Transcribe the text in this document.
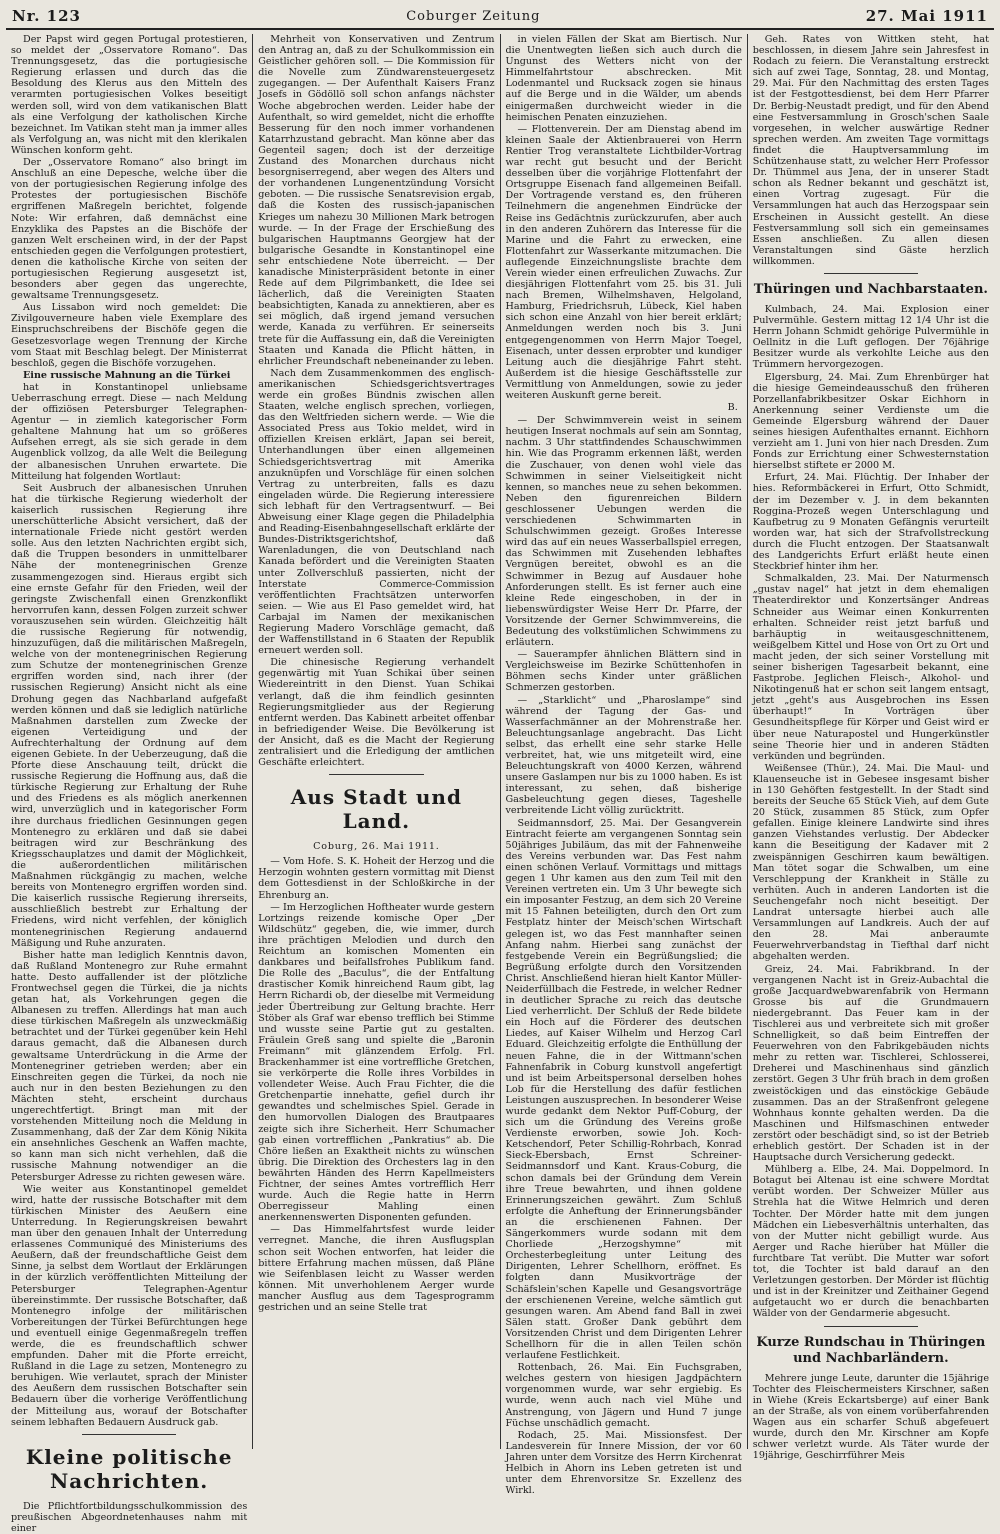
Nr. 123	Coburger Zeitung	27. Mai 1911

Der Papst wird gegen Portugal protestieren, so meldet der „Osservatore Romano“. Das Trennungsgesetz, das die portugiesische Regierung erlassen und durch das die Besoldung des Klerus aus den Mitteln des verarmten portugiesischen Volkes beseitigt werden soll, wird von dem vatikanischen Blatt als eine Verfolgung der katholischen Kirche bezeichnet. Im Vatikan steht man ja immer alles als Verfolgung an, was nicht mit den klerikalen Wünschen konform geht.

Der „Osservatore Romano“ also bringt im Anschluß an eine Depesche, welche über die von der portugiesischen Regierung infolge des Protestes der portugiesischen Bischöfe ergriffenen Maßregeln berichtet, folgende Note: Wir erfahren, daß demnächst eine Enzyklika des Papstes an die Bischöfe der ganzen Welt erscheinen wird, in der der Papst entschieden gegen die Verfolgungen protestiert, denen die katholische Kirche von seiten der portugiesischen Regierung ausgesetzt ist, besonders aber gegen das ungerechte, gewaltsame Trennungsgesetz.

Aus Lissabon wird noch gemeldet: Die Zivilgouverneure haben viele Exemplare des Einspruchschreibens der Bischöfe gegen die Gesetzesvorlage wegen Trennung der Kirche vom Staat mit Beschlag belegt. Der Ministerrat beschloß, gegen die Bischöfe vorzugehen.

Eine russische Mahnung an die Türkei

hat in Konstantinopel unliebsame Ueberraschung erregt. Diese — nach Meldung der offiziösen Petersburger Telegraphen-Agentur — in ziemlich kategorischer Form gehaltene Mahnung hat um so größeres Aufsehen erregt, als sie sich gerade in dem Augenblick vollzog, da alle Welt die Beilegung der albanesischen Unruhen erwartete. Die Mitteilung hat folgenden Wortlaut:

Seit Ausbruch der albanesischen Unruhen hat die türkische Regierung wiederholt der kaiserlich russischen Regierung ihre unerschütterliche Absicht versichert, daß der internationale Friede nicht gestört werden solle. Aus den letzten Nachrichten ergibt sich, daß die Truppen besonders in unmittelbarer Nähe der montenegrinischen Grenze zusammengezogen sind. Hieraus ergibt sich eine ernste Gefahr für den Frieden, weil der geringste Zwischenfall einen Grenzkonflikt hervorrufen kann, dessen Folgen zurzeit schwer vorauszusehen sein würden. Gleichzeitig hält die russische Regierung für notwendig, hinzuzufügen, daß die militärischen Maßregeln, welche von der montenegrinischen Regierung zum Schutze der montenegrinischen Grenze ergriffen worden sind, nach ihrer (der russischen Regierung) Ansicht nicht als eine Drohung gegen das Nachbarland aufgefaßt werden können und daß sie lediglich natürliche Maßnahmen darstellen zum Zwecke der eigenen Verteidigung und der Aufrechterhaltung der Ordnung auf dem eigenen Gebiete. In der Ueberzeugung, daß die Pforte diese Anschauung teilt, drückt die russische Regierung die Hoffnung aus, daß die türkische Regierung zur Erhaltung der Ruhe und des Friedens es als möglich anerkennen wird, unverzüglich und in kategorischer Form ihre durchaus friedlichen Gesinnungen gegen Montenegro zu erklären und daß sie dabei beitragen wird zur Beschränkung des Kriegsschauplatzes und damit der Möglichkeit, die außerordentlichen militärischen Maßnahmen rückgängig zu machen, welche bereits von Montenegro ergriffen worden sind. Die kaiserlich russische Regierung ihrerseits, ausschließlich bestrebt zur Erhaltung der Friedens, wird nicht verfehlen, der königlich montenegrinischen Regierung andauernd Mäßigung und Ruhe anzuraten.

Bisher hatte man lediglich Kenntnis davon, daß Rußland Montenegro zur Ruhe ermahnt hatte. Desto auffallender ist der plötzliche Frontwechsel gegen die Türkei, die ja nichts getan hat, als Vorkehrungen gegen die Albanesen zu treffen. Allerdings hat man auch diese türkischen Maßregeln als unzweckmäßig betrachtet und der Türkei gegenüber kein Hehl daraus gemacht, daß die Albanesen durch gewaltsame Unterdrückung in die Arme der Montenegriner getrieben werden; aber ein Einschreiten gegen die Türkei, da noch nie auch nur in den besten Beziehungen zu den Mächten steht, erscheint durchaus ungerechtfertigt. Bringt man mit der vorstehenden Mitteilung noch die Meldung in Zusammenhang, daß der Zar dem König Nikita ein ansehnliches Geschenk an Waffen machte, so kann man sich nicht verhehlen, daß die russische Mahnung notwendiger an die Petersburger Adresse zu richten gewesen wäre.

Wie weiter aus Konstantinopel gemeldet wird, hatte der russische Botschafter mit dem türkischen Minister des Aeußern eine Unterredung. In Regierungskreisen bewahrt man über den genauen Inhalt der Unterredung erlassenes Communiqué des Ministeriums des Aeußern, daß der freundschaftliche Geist dem Sinne, ja selbst dem Wortlaut der Erklärungen in der kürzlich veröffentlichten Mitteilung der Petersburger Telegraphen-Agentur übereinstimmte. Der russische Botschafter, daß Montenegro infolge der militärischen Vorbereitungen der Türkei Befürchtungen hege und eventuell einige Gegenmaßregeln treffen werde, die es freundschaftlich schwer empfunden. Daher mit die Pforte erreicht, Rußland in die Lage zu setzen, Montenegro zu beruhigen. Wie verlautet, sprach der Minister des Aeußern dem russischen Botschafter sein Bedauern über die vorherige Veröffentlichung der Mitteilung aus, worauf der Botschafter seinem lebhaften Bedauern Ausdruck gab.

Kleine politische Nachrichten.

Die Pflichtfortbildungsschulkommission des preußischen Abgeordnetenhauses nahm mit einer

Mehrheit von Konservativen und Zentrum den Antrag an, daß zu der Schulkommission ein Geistlicher gehören soll. — Die Kommission für die Novelle zum Zündwarensteuergesetz zugegangen. — Der Aufenthalt Kaisers Franz Josefs in Gödöllö soll schon anfangs nächster Woche abgebrochen werden. Leider habe der Aufenthalt, so wird gemeldet, nicht die erhoffte Besserung für den noch immer vorhandenen Katarrhzustand gebracht. Man könne aber das Gegenteil sagen; doch ist der derzeitige Zustand des Monarchen durchaus nicht besorgniserregend, aber wegen des Alters und der vorhandenen Lungenentzündung Vorsicht geboten. — Die russische Senatsrevision ergab, daß die Kosten des russisch-japanischen Krieges um nahezu 30 Millionen Mark betrogen wurde. — In der Frage der Erschießung des bulgarischen Hauptmanns Georgjew hat der bulgarische Gesandte in Konstantinopel eine sehr entschiedene Note überreicht. — Der kanadische Ministerpräsident betonte in einer Rede auf dem Pilgrimbankett, die Idee sei lächerlich, daß die Vereinigten Staaten beabsichtigten, Kanada zu annektieren, aber es sei möglich, daß irgend jemand versuchen werde, Kanada zu verführen. Er seinerseits trete für die Auffassung ein, daß die Vereinigten Staaten und Kanada die Pflicht hätten, in ehrlicher Freundschaft nebeneinander zu leben.

Nach dem Zusammenkommen des englisch-amerikanischen Schiedsgerichtsvertrages werde ein großes Bündnis zwischen allen Staaten, welche englisch sprechen, vorliegen, das den Weltfrieden sichern werde. — Wie die Associated Press aus Tokio meldet, wird in offiziellen Kreisen erklärt, Japan sei bereit, Unterhandlungen über einen allgemeinen Schiedsgerichtsvertrag mit Amerika anzuknüpfen und Vorschläge für einen solchen Vertrag zu unterbreiten, falls es dazu eingeladen würde. Die Regierung interessiere sich lebhaft für den Vertragsentwurf. — Bei Abweisung einer Klage gegen die Philadelphia and Reading-Eisenbahngesellschaft erklärte der Bundes-Distriktsgerichtshof, daß Warenladungen, die von Deutschland nach Kanada befördert und die Vereinigten Staaten unter Zollverschluß passierten, nicht der Interstate Commerce-Commission veröffentlichten Frachtsätzen unterworfen seien. — Wie aus El Paso gemeldet wird, hat Carbajal im Namen der mexikanischen Regierung Madero Vorschläge gemacht, daß der Waffenstillstand in 6 Staaten der Republik erneuert werden soll.

Die chinesische Regierung verhandelt gegenwärtig mit Yuan Schikai über seinen Wiedereintritt in den Dienst. Yuan Schikai verlangt, daß die ihm feindlich gesinnten Regierungsmitglieder aus der Regierung entfernt werden. Das Kabinett arbeitet offenbar in befriedigender Weise. Die Bevölkerung ist der Ansicht, daß es die Macht der Regierung zentralisiert und die Erledigung der amtlichen Geschäfte erleichtert.

Aus Stadt und Land.
Coburg, 26. Mai 1911.

— Vom Hofe. S. K. Hoheit der Herzog und die Herzogin wohnten gestern vormittag mit Dienst dem Gottesdienst in der Schloßkirche in der Ehrenburg an.

— Im Herzoglichen Hoftheater wurde gestern Lortzings reizende komische Oper „Der Wildschütz“ gegeben, die, wie immer, durch ihre prächtigen Melodien und durch den Reichtum an komischen Momenten ein dankbares und beifallsfrohes Publikum fand. Die Rolle des „Baculus“, die der Entfaltung drastischer Komik hinreichend Raum gibt, lag Herrn Richardi ob, der dieselbe mit Vermeidung jeder Übertreibung zur Geltung brachte. Herr Stöber als Graf war ebenso trefflich bei Stimme und wusste seine Partie gut zu gestalten. Fräulein Greß sang und spielte die „Baronin Freimann“ mit glänzendem Erfolg. Frl. Brackenhammer ist eine vortreffliche Gretchen, sie verkörperte die Rolle ihres Vorbildes in vollendeter Weise. Auch Frau Fichter, die die Gretchenpartie innehatte, gefiel durch ihr gewandtes und schelmisches Spiel. Gerade in den humorvollen Dialogen des Brautpaares zeigte sich ihre Sicherheit. Herr Schumacher gab einen vortrefflichen „Pankratius“ ab. Die Chöre ließen an Exaktheit nichts zu wünschen übrig. Die Direktion des Orchesters lag in den bewährten Händen des Herrn Kapellmeisters Fichtner, der seines Amtes vortrefflich Herr wurde. Auch die Regie hatte in Herrn Oberregisseur Mahling einen anerkennenswerten Disponenten gefunden.

— Das Himmelfahrtsfest wurde leider verregnet. Manche, die ihren Ausflugsplan schon seit Wochen entworfen, hat leider die bittere Erfahrung machen müssen, daß Pläne wie Seifenblasen leicht zu Wasser werden können. Mit unverhohlenem Aerger wurde mancher Ausflug aus dem Tagesprogramm gestrichen und an seine Stelle trat

in vielen Fällen der Skat am Biertisch. Nur die Unentwegten ließen sich auch durch die Ungunst des Wetters nicht von der Himmelfahrtstour abschrecken. Mit Lodenmantel und Rucksack zogen sie hinaus auf die Berge und in die Wälder, um abends einigermaßen durchweicht wieder in die heimischen Penaten einzuziehen.

— Flottenverein. Der am Dienstag abend im kleinen Saale der Aktienbrauerei von Herrn Rentier Trog veranstaltete Lichtbilder-Vortrag war recht gut besucht und der Bericht desselben über die vorjährige Flottenfahrt der Ortsgruppe Eisenach fand allgemeinen Beifall. Der Vortragende verstand es, den früheren Teilnehmern die angenehmen Eindrücke der Reise ins Gedächtnis zurückzurufen, aber auch in den anderen Zuhörern das Interesse für die Marine und die Fahrt zu erwecken, eine Flottenfahrt zur Wasserkante mitzumachen. Die auflegende Einzeichnungsliste brachte dem Verein wieder einen erfreulichen Zuwachs. Zur diesjährigen Flottenfahrt vom 25. bis 31. Juli nach Bremen, Wilhelmshaven, Helgoland, Hamburg, Friedrichsruh, Lübeck, Kiel haben sich schon eine Anzahl von hier bereit erklärt; Anmeldungen werden noch bis 3. Juni entgegengenommen von Herrn Major Toegel, Eisenach, unter dessen erprobter und kundiger Leitung auch die diesjährige Fahrt steht. Außerdem ist die hiesige Geschäftsstelle zur Vermittlung von Anmeldungen, sowie zu jeder weiteren Auskunft gerne bereit.

B.

— Der Schwimmverein weist in seinem heutigen Inserat nochmals auf sein am Sonntag, nachm. 3 Uhr stattfindendes Schauschwimmen hin. Wie das Programm erkennen läßt, werden die Zuschauer, von denen wohl viele das Schwimmen in seiner Vielseitigkeit nicht kennen, so manches neue zu sehen bekommen. Neben den figurenreichen Bildern geschlossener Uebungen werden die verschiedenen Schwimmarten in Schulschwimmen gezeigt. Großes Interesse wird das auf ein neues Wasserballspiel erregen, das Schwimmen mit Zusehenden lebhaftes Vergnügen bereitet, obwohl es an die Schwimmer in Bezug auf Ausdauer hohe Anforderungen stellt. Es ist ferner auch eine kleine Rede eingeschoben, in der in liebenswürdigster Weise Herr Dr. Pfarre, der Vorsitzende der Gerner Schwimmvereins, die Bedeutung des volkstümlichen Schwimmens zu erläutern.

— Sauerampfer ähnlichen Blättern sind in Vergleichsweise im Bezirke Schüttenhofen in Böhmen sechs Kinder unter gräßlichen Schmerzen gestorben.

— „Starklicht“ und „Pharoslampe“ sind während der Tagung der Gas- und Wasserfachmänner an der Mohrenstraße her. Beleuchtungsanlage angebracht. Das Licht selbst, das erhellt eine sehr starke Helle verbreitet, hat, wie uns mitgeteilt wird, eine Beleuchtungskraft von 4000 Kerzen, während unsere Gaslampen nur bis zu 1000 haben. Es ist interessant, zu sehen, daß bisherige Gasbeleuchtung gegen dieses, Tageshelle verbreitende Licht völlig zurücktritt.

Seidmannsdorf, 25. Mai. Der Gesangverein Eintracht feierte am vergangenen Sonntag sein 50jähriges Jubiläum, das mit der Fahnenweihe des Vereins verbunden war. Das Fest nahm einen schönen Verlauf. Vormittags und mittags gegen 1 Uhr kamen aus den zum Teil mit den Vereinen vertreten ein. Um 3 Uhr bewegte sich ein imposanter Festzug, an dem sich 20 Vereine mit 15 Fahnen beteiligten, durch den Ort zum Festplatz hinter der Meisch'schen Wirtschaft gelegen ist, wo das Fest mannhafter seinen Anfang nahm. Hierbei sang zunächst der festgebende Verein ein Begrüßungslied; die Begrüßung erfolgte durch den Vorsitzenden Christ. Anschließend hieran hielt Kantor Müller-Neiderfüllbach die Festrede, in welcher Redner in deutlicher Sprache zu reich das deutsche Lied verherrlicht. Der Schluß der Rede bildete ein Hoch auf die Förderer des deutschen Liedes, auf Kaiser Wilhelm und Herzog Carl Eduard. Gleichzeitig erfolgte die Enthüllung der neuen Fahne, die in der Wittmann'schen Fahnenfabrik in Coburg kunstvoll angefertigt und ist beim Arbeitspersonal derselben hohes Lob für die Herstellung des dafür festlichen Leistungen auszusprechen. In besonderer Weise wurde gedankt dem Nektor Puff-Coburg, der sich um die Gründung des Vereins große Verdienste erworben, sowie Joh. Koch-Ketschendorf, Peter Schillig-Rohrbach, Konrad Sieck-Ebersbach, Ernst Schreiner-Seidmannsdorf und Kant. Kraus-Coburg, die schon damals bei der Gründung dem Verein ihre Treue bewahrten, und ihnen goldene Erinnerungszeichen gewährt. Zum Schluß erfolgte die Anheftung der Erinnerungsbänder an die erschienenen Fahnen. Der Sängerkommers wurde sodann mit dem Chorliede „Herzogshymne“ mit Orchesterbegleitung unter Leitung des Dirigenten, Lehrer Schellhorn, eröffnet. Es folgten dann Musikvorträge der Schäfslein'schen Kapelle und Gesangsvorträge der erschienenen Vereine, welche sämtlich gut gesungen waren. Am Abend fand Ball in zwei Sälen statt. Großer Dank gebührt dem Vorsitzenden Christ und dem Dirigenten Lehrer Schellhorn für die in allen Teilen schön verlaufene Festlichkeit.

Rottenbach, 26. Mai. Ein Fuchsgraben, welches gestern von hiesigen Jagdpächtern vorgenommen wurde, war sehr ergiebig. Es wurde, wenn auch nach viel Mühe und Anstrengung, von Jägern und Hund 7 junge Füchse unschädlich gemacht.

Rodach, 25. Mai. Missionsfest. Der Landesverein für Innere Mission, der vor 60 Jahren unter dem Vorsitze des Herrn Kirchenrat Helbich in Ahorn ins Leben getreten ist und unter dem Ehrenvorsitze Sr. Exzellenz des Wirkl.

Geh. Rates von Wittken steht, hat beschlossen, in diesem Jahre sein Jahresfest in Rodach zu feiern. Die Veranstaltung erstreckt sich auf zwei Tage, Sonntag, 28. und Montag, 29. Mai. Für den Nachmittag des ersten Tages ist der Festgottesdienst, bei dem Herr Pfarrer Dr. Berbig-Neustadt predigt, und für den Abend eine Festversammlung in Grosch'schen Saale vorgesehen, in welcher auswärtige Redner sprechen werden. Am zweiten Tage vormittags findet die Hauptversammlung im Schützenhause statt, zu welcher Herr Professor Dr. Thümmel aus Jena, der in unserer Stadt schon als Redner bekannt und geschätzt ist, einen Vortrag zugesagt. Für die Versammlungen hat auch das Herzogspaar sein Erscheinen in Aussicht gestellt. An diese Festversammlung soll sich ein gemeinsames Essen anschließen. Zu allen diesen Veranstaltungen sind Gäste herzlich willkommen.

Thüringen und Nachbarstaaten.

Kulmbach, 24. Mai. Explosion einer Pulvermühle. Gestern mittag 12 1/4 Uhr ist die Herrn Johann Schmidt gehörige Pulvermühle in Oellnitz in die Luft geflogen. Der 76jährige Besitzer wurde als verkohlte Leiche aus den Trümmern hervorgezogen.

Elgersburg, 24. Mai. Zum Ehrenbürger hat die hiesige Gemeindeausschuß den früheren Porzellanfabrikbesitzer Oskar Eichhorn in Anerkennung seiner Verdienste um die Gemeinde Elgersburg während der Dauer seines hiesigen Aufenthaltes ernannt. Eichhorn verzieht am 1. Juni von hier nach Dresden. Zum Fonds zur Errichtung einer Schwesternstation hierselbst stiftete er 2000 M.

Erfurt, 24. Mai. Flüchtig. Der Inhaber der hies. Reformbäckerei in Erfurt, Otto Schmidt, der im Dezember v. J. in dem bekannten Roggina-Prozeß wegen Unterschlagung und Kaufbetrug zu 9 Monaten Gefängnis verurteilt worden war, hat sich der Strafvollstreckung durch die Flucht entzogen. Der Staatsanwalt des Landgerichts Erfurt erläßt heute einen Steckbrief hinter ihm her.

Schmalkalden, 23. Mai. Der Naturmensch „gustav nagel“ hat jetzt in dem ehemaligen Theaterdirektor und Konzertsänger Andreas Schneider aus Weimar einen Konkurrenten erhalten. Schneider reist jetzt barfuß und barhäuptig in weitausgeschnittenem, weißgelbem Kittel und Hose von Ort zu Ort und macht jeden, der sich seiner Vorstellung mit seiner bisherigen Tagesarbeit bekannt, eine Fastprobe. Jeglichen Fleisch-, Alkohol- und Nikotingenuß hat er schon seit langem entsagt, jetzt „geht's aus Ausgebrochen ins Essen überhaupt!“ In Vorträgen über Gesundheitspflege für Körper und Geist wird er über neue Naturapostel und Hungerkünstler seine Theorie hier und in anderen Städten verkünden und begründen.

Weißensee (Thür.), 24. Mai. Die Maul- und Klauenseuche ist in Gebesee insgesamt bisher in 130 Gehöften festgestellt. In der Stadt sind bereits der Seuche 65 Stück Vieh, auf dem Gute 20 Stück, zusammen 85 Stück, zum Opfer gefallen. Einige kleinere Landwirte sind ihres ganzen Viehstandes verlustig. Der Abdecker kann die Beseitigung der Kadaver mit 2 zweispännigen Geschirren kaum bewältigen. Man tötet sogar die Schwalben, um eine Verschleppung der Krankheit in Ställe zu verhüten. Auch in anderen Landorten ist die Seuchengefahr noch nicht beseitigt. Der Landrat untersagte hierbei auch alle Versammlungen auf Landkreis. Auch der auf den 28. Mai anberaumte Feuerwehrverbandstag in Tiefthal darf nicht abgehalten werden.

Greiz, 24. Mai. Fabrikbrand. In der vergangenen Nacht ist in Greiz-Aubachtal die große Jacquardwebwarenfabrik von Hermann Grosse bis auf die Grundmauern niedergebrannt. Das Feuer kam in der Tischlerei aus und verbreitete sich mit großer Schnelligkeit, so daß beim Eintreffen der Feuerwehren von den Fabrikgebäuden nichts mehr zu retten war. Tischlerei, Schlosserei, Dreherei und Maschinenhaus sind gänzlich zerstört. Gegen 3 Uhr früh brach in dem großen zweistöckigen und das einstöckige Gebäude zusammen. Das an der Straßenfront gelegene Wohnhaus konnte gehalten werden. Da die Maschinen und Hilfsmaschinen entweder zerstört oder beschädigt sind, so ist der Betrieb erheblich gestört. Der Schaden ist in der Hauptsache durch Versicherung gedeckt.

Mühlberg a. Elbe, 24. Mai. Doppelmord. In Botagut bei Altenau ist eine schwere Mordtat verübt worden. Der Schweizer Müller aus Strehla hat die Witwe Helmrich und deren Tochter. Der Mörder hatte mit dem jungen Mädchen ein Liebesverhältnis unterhalten, das von der Mutter nicht gebilligt wurde. Aus Aerger und Rache hierüber hat Müller die furchtbare Tat verübt. Die Mutter war sofort tot, die Tochter ist bald darauf an den Verletzungen gestorben. Der Mörder ist flüchtig und ist in der Kreinitzer und Zeithainer Gegend aufgetaucht wo er durch die benachbarten Wälder von der Gendarmerie abgesucht.

Kurze Rundschau in Thüringen und Nachbarländern.

Mehrere junge Leute, darunter die 15jährige Tochter des Fleischermeisters Kirschner, saßen in Wiehe (Kreis Eckartsberge) auf einer Bank an der Straße, als von einem vorüberfahrenden Wagen aus ein scharfer Schuß abgefeuert wurde, durch den Mr. Kirschner am Kopfe schwer verletzt wurde. Als Täter wurde der 19jährige, Geschirrführer Meis
